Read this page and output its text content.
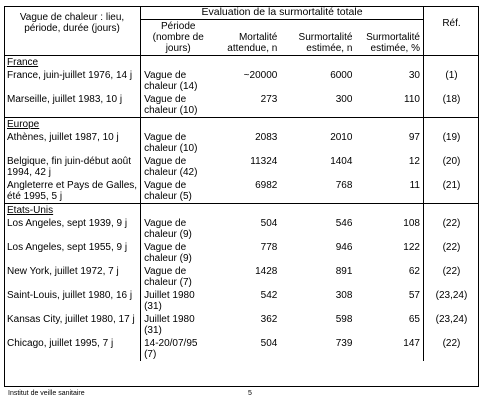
Vague de chaleur : lieu, période, durée (jours)	Evaluation de la surmortalité totale				Réf.
	Période (nombre de jours)	Mortalité attendue, n	Surmortalité estimée, n	Surmortalité estimée, %	
France					
France, juin-juillet 1976, 14 j	Vague de chaleur (14)	~20000	6000	30	(1)
Marseille, juillet 1983, 10 j	Vague de chaleur (10)	273	300	110	(18)
Europe					
Athènes, juillet 1987, 10 j	Vague de chaleur (10)	2083	2010	97	(19)
Belgique, fin juin-début août 1994, 42 j	Vague de chaleur (42)	11324	1404	12	(20)
Angleterre et Pays de Galles, été 1995, 5 j	Vague de chaleur (5)	6982	768	11	(21)
Etats-Unis					
Los Angeles, sept 1939, 9 j	Vague de chaleur (9)	504	546	108	(22)
Los Angeles, sept 1955, 9 j	Vague de chaleur (9)	778	946	122	(22)
New York, juillet 1972, 7 j	Vague de chaleur (7)	1428	891	62	(22)
Saint-Louis, juillet 1980, 16 j	Juillet 1980 (31)	542	308	57	(23,24)
Kansas City, juillet 1980, 17 j	Juillet 1980 (31)	362	598	65	(23,24)
Chicago, juillet 1995, 7 j	14-20/07/95 (7)	504	739	147	(22)
Institut de veille sanitaire	5
